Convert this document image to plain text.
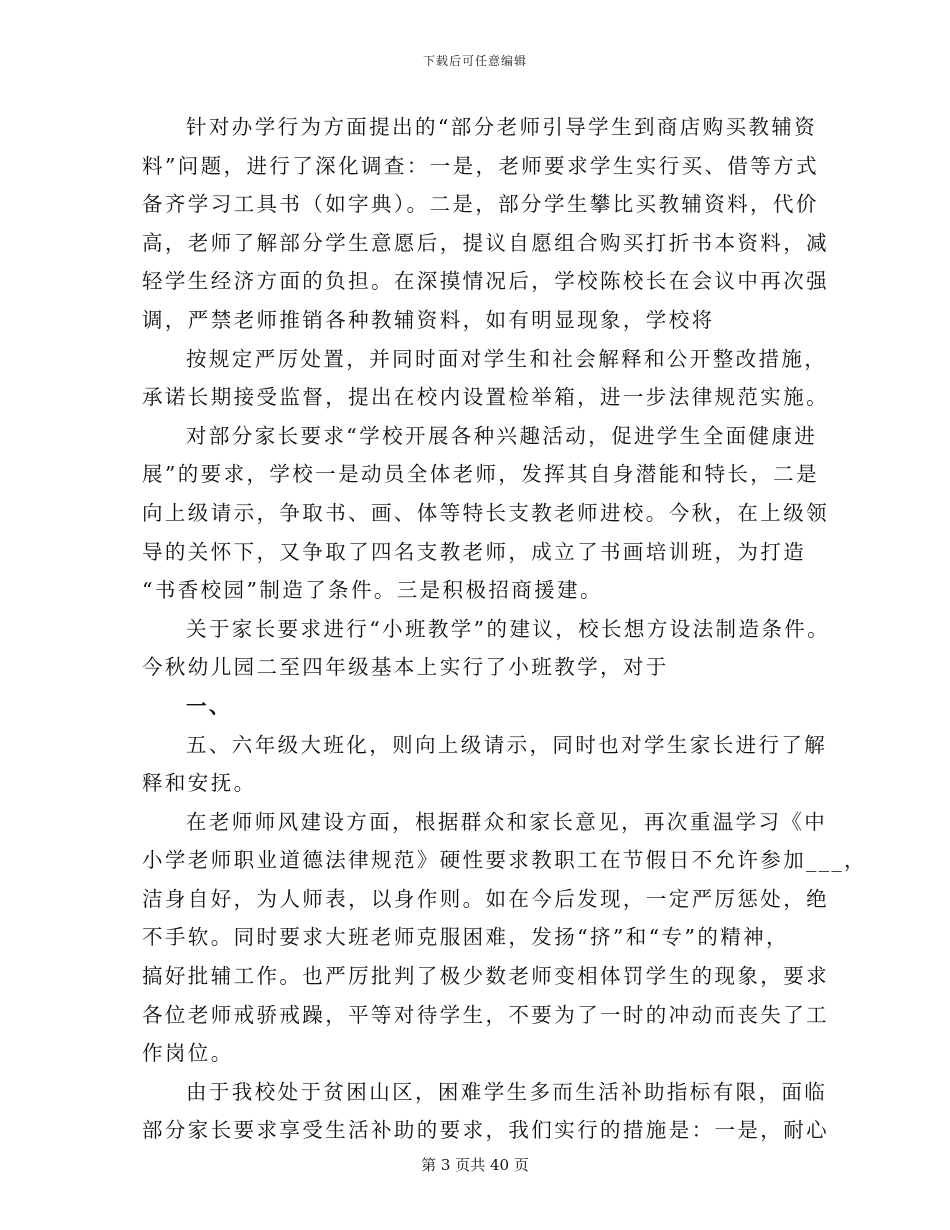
下载后可任意编辑
针对办学行为方面提出的“部分老师引导学生到商店购买教辅资
料”问题，进行了深化调查：一是，老师要求学生实行买、借等方式
备齐学习工具书（如字典）。二是，部分学生攀比买教辅资料，代价
高，老师了解部分学生意愿后，提议自愿组合购买打折书本资料，减
轻学生经济方面的负担。在深摸情况后，学校陈校长在会议中再次强
调，严禁老师推销各种教辅资料，如有明显现象，学校将
按规定严厉处置，并同时面对学生和社会解释和公开整改措施，
承诺长期接受监督，提出在校内设置检举箱，进一步法律规范实施。
对部分家长要求“学校开展各种兴趣活动，促进学生全面健康进
展”的要求，学校一是动员全体老师，发挥其自身潜能和特长，二是
向上级请示，争取书、画、体等特长支教老师进校。今秋，在上级领
导的关怀下，又争取了四名支教老师，成立了书画培训班，为打造
“书香校园”制造了条件。三是积极招商援建。
关于家长要求进行“小班教学”的建议，校长想方设法制造条件。
今秋幼儿园二至四年级基本上实行了小班教学，对于
一、
五、六年级大班化，则向上级请示，同时也对学生家长进行了解
释和安抚。
在老师师风建设方面，根据群众和家长意见，再次重温学习《中
小学老师职业道德法律规范》硬性要求教职工在节假日不允许参加___，
洁身自好，为人师表，以身作则。如在今后发现，一定严厉惩处，绝
不手软。同时要求大班老师克服困难，发扬“挤”和“专”的精神，
搞好批辅工作。也严厉批判了极少数老师变相体罚学生的现象，要求
各位老师戒骄戒躁，平等对待学生，不要为了一时的冲动而丧失了工
作岗位。
由于我校处于贫困山区，困难学生多而生活补助指标有限，面临
部分家长要求享受生活补助的要求，我们实行的措施是：一是，耐心
第 3 页共 40 页
